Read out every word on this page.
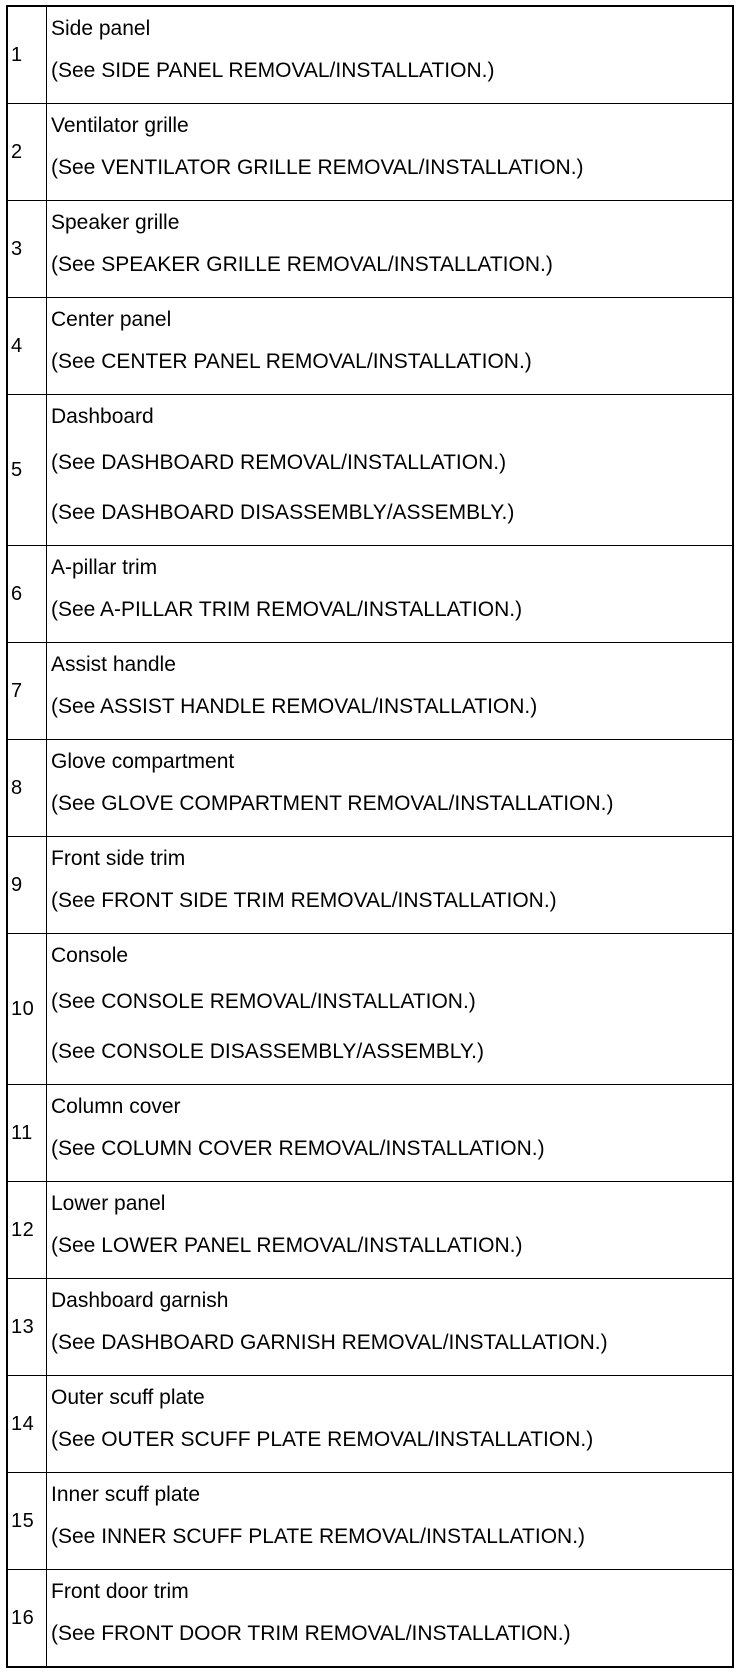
1	Side panel
(See SIDE PANEL REMOVAL/INSTALLATION.)

2	Ventilator grille
(See VENTILATOR GRILLE REMOVAL/INSTALLATION.)

3	Speaker grille
(See SPEAKER GRILLE REMOVAL/INSTALLATION.)

4	Center panel
(See CENTER PANEL REMOVAL/INSTALLATION.)

5	Dashboard
(See DASHBOARD REMOVAL/INSTALLATION.)
(See DASHBOARD DISASSEMBLY/ASSEMBLY.)

6	A-pillar trim
(See A-PILLAR TRIM REMOVAL/INSTALLATION.)

7	Assist handle
(See ASSIST HANDLE REMOVAL/INSTALLATION.)

8	Glove compartment
(See GLOVE COMPARTMENT REMOVAL/INSTALLATION.)

9	Front side trim
(See FRONT SIDE TRIM REMOVAL/INSTALLATION.)

10	Console
(See CONSOLE REMOVAL/INSTALLATION.)
(See CONSOLE DISASSEMBLY/ASSEMBLY.)

11	Column cover
(See COLUMN COVER REMOVAL/INSTALLATION.)

12	Lower panel
(See LOWER PANEL REMOVAL/INSTALLATION.)

13	Dashboard garnish
(See DASHBOARD GARNISH REMOVAL/INSTALLATION.)

14	Outer scuff plate
(See OUTER SCUFF PLATE REMOVAL/INSTALLATION.)

15	Inner scuff plate
(See INNER SCUFF PLATE REMOVAL/INSTALLATION.)

16	Front door trim
(See FRONT DOOR TRIM REMOVAL/INSTALLATION.)
